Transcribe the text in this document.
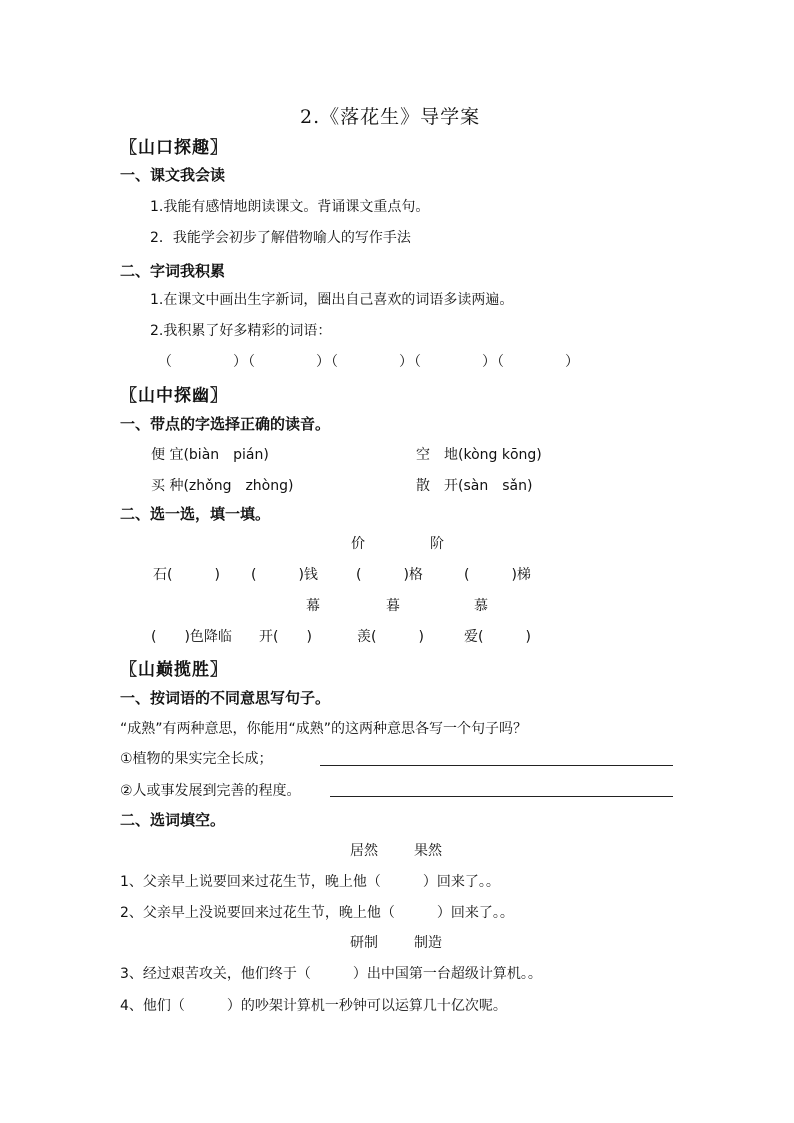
2.《落花生》导学案
〖山口探趣〗
一、课文我会读
1.我能有感情地朗读课文。背诵课文重点句。
2．我能学会初步了解借物喻人的写作手法
二、字词我积累
1.在课文中画出生字新词，圈出自己喜欢的词语多读两遍。
2.我积累了好多精彩的词语：
（　　　　）（　　　　）（　　　　）（　　　　）（　　　　）
〖山中探幽〗
一、带点的字选择正确的读音。
便 宜(biàn　pián)	空　地(kòng kōng)
买 种(zhǒng　zhòng)	散　开(sàn　sǎn)
二、选一选，填一填。
价	阶
石(　　　) (　　　)钱	(　　　)格	(　　　)梯
幕	暮	慕
(　　)色降临 开(　　)	羡(　　　)	爱(　　　)
〖山巅揽胜〗
一、按词语的不同意思写句子。
“成熟”有两种意思，你能用“成熟”的这两种意思各写一个句子吗？
①植物的果实完全长成；
②人或事发展到完善的程度。
二、选词填空。
居然	果然
1、父亲早上说要回来过花生节，晚上他（　　　）回来了。。
2、父亲早上没说要回来过花生节，晚上他（　　　）回来了。。
研制	制造
3、经过艰苦攻关，他们终于（　　　）出中国第一台超级计算机。。
4、他们（　　　）的吵架计算机一秒钟可以运算几十亿次呢。
